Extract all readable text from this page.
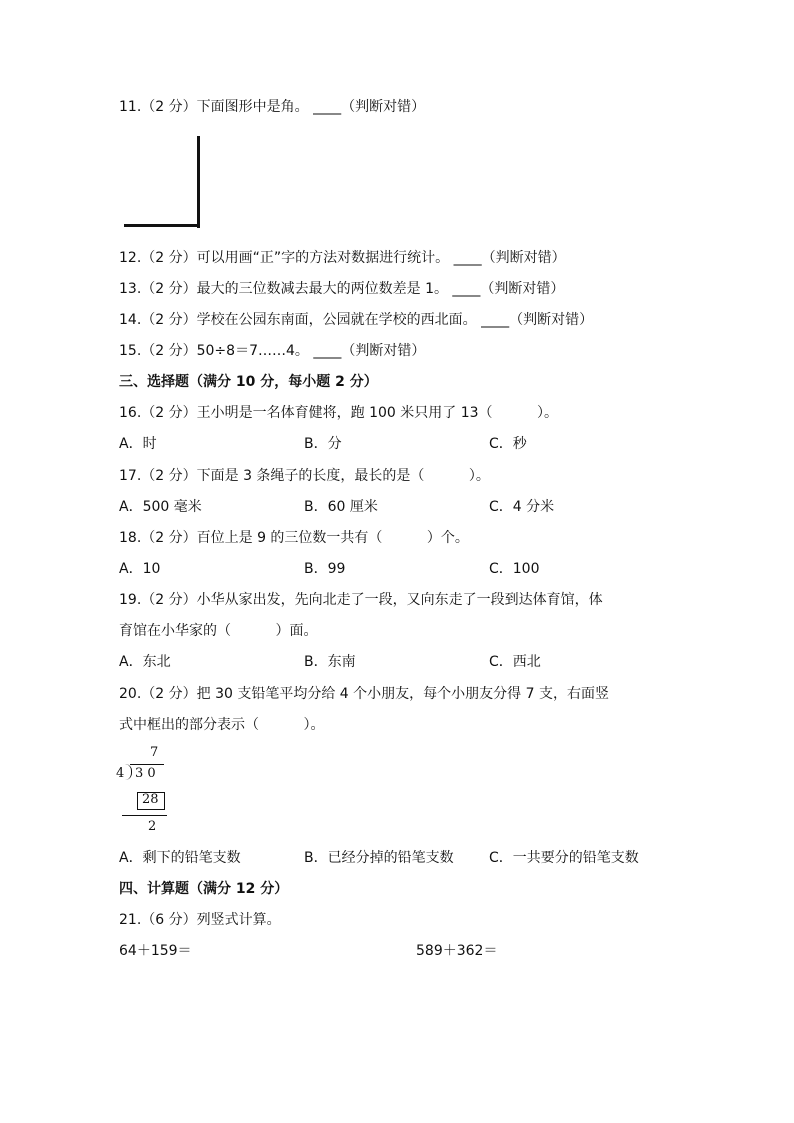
11.（2 分）下面图形中是角。 ____（判断对错）
12.（2 分）可以用画“正”字的方法对数据进行统计。 ____（判断对错）
13.（2 分）最大的三位数减去最大的两位数差是 1。 ____（判断对错）
14.（2 分）学校在公园东南面，公园就在学校的西北面。 ____（判断对错）
15.（2 分）50÷8＝7……4。 ____（判断对错）
三、选择题（满分 10 分，每小题 2 分）
16.（2 分）王小明是一名体育健将，跑 100 米只用了 13（          ）。
A．时	B．分	C．秒
17.（2 分）下面是 3 条绳子的长度，最长的是（          ）。
A．500 毫米	B．60 厘米	C．4 分米
18.（2 分）百位上是 9 的三位数一共有（          ）个。
A．10	B．99	C．100
19.（2 分）小华从家出发，先向北走了一段，又向东走了一段到达体育馆，体
育馆在小华家的（          ）面。
A．东北	B．东南	C．西北
20.（2 分）把 30 支铅笔平均分给 4 个小朋友，每个小朋友分得 7 支，右面竖
式中框出的部分表示（          ）。
7
4 3 0
28
2
A．剩下的铅笔支数	B．已经分掉的铅笔支数	C．一共要分的铅笔支数
四、计算题（满分 12 分）
21.（6 分）列竖式计算。
64＋159＝	589＋362＝
